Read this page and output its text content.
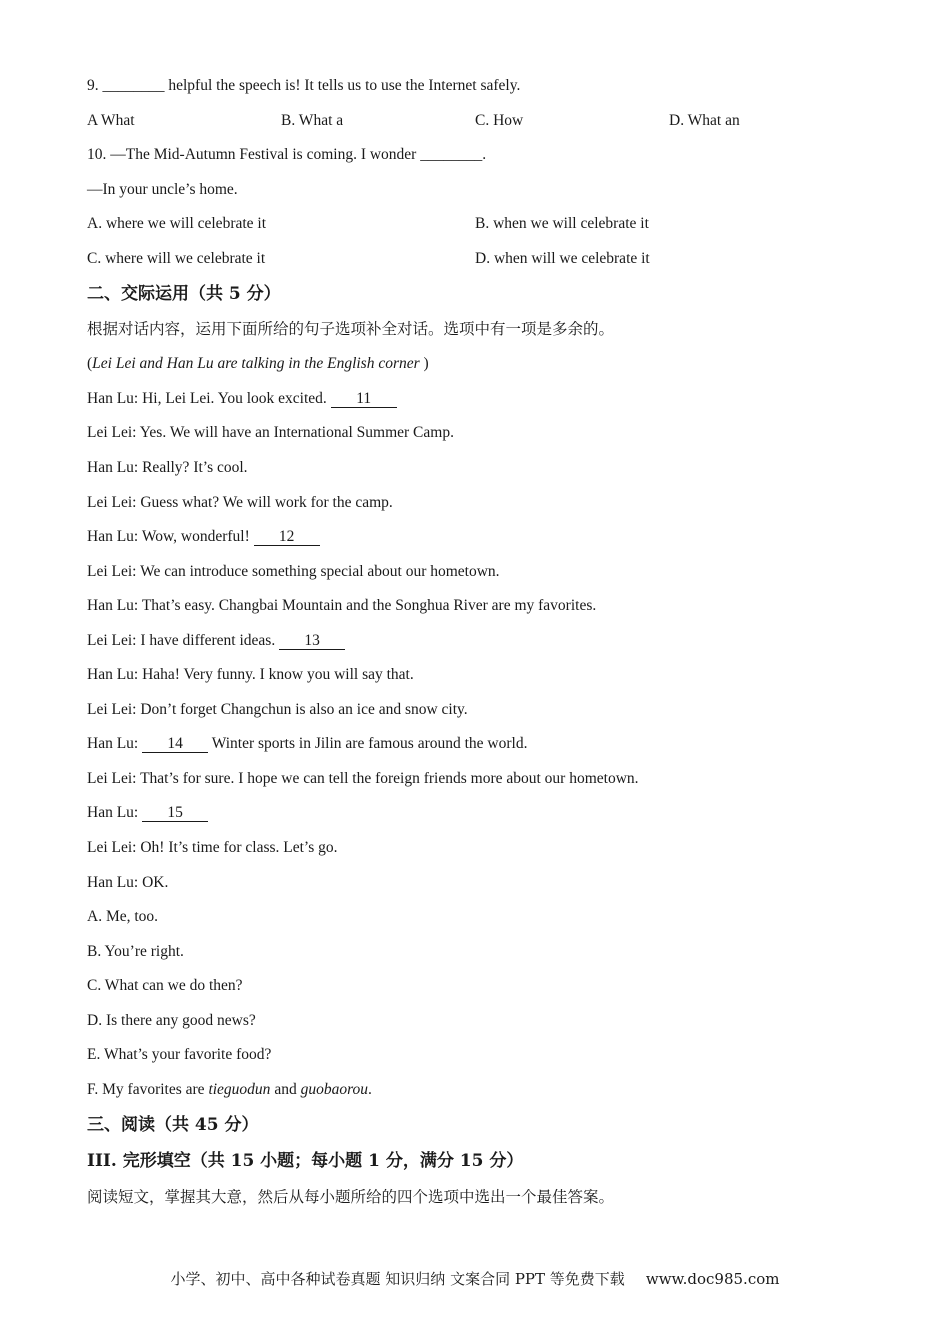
9. ________ helpful the speech is! It tells us to use the Internet safely.
A What	B. What a	C. How	D. What an
10. —The Mid-Autumn Festival is coming. I wonder ________.
—In your uncle’s home.
A. where we will celebrate it	B. when we will celebrate it
C. where will we celebrate it	D. when will we celebrate it
二、交际运用（共 5 分）
根据对话内容，运用下面所给的句子选项补全对话。选项中有一项是多余的。
(Lei Lei and Han Lu are talking in the English corner )
Han Lu: Hi, Lei Lei. You look excited. 11
Lei Lei: Yes. We will have an International Summer Camp.
Han Lu: Really? It’s cool.
Lei Lei: Guess what? We will work for the camp.
Han Lu: Wow, wonderful! 12
Lei Lei: We can introduce something special about our hometown.
Han Lu: That’s easy. Changbai Mountain and the Songhua River are my favorites.
Lei Lei: I have different ideas. 13
Han Lu: Haha! Very funny. I know you will say that.
Lei Lei: Don’t forget Changchun is also an ice and snow city.
Han Lu: 14 Winter sports in Jilin are famous around the world.
Lei Lei: That’s for sure. I hope we can tell the foreign friends more about our hometown.
Han Lu: 15
Lei Lei: Oh! It’s time for class. Let’s go.
Han Lu: OK.
A. Me, too.
B. You’re right.
C. What can we do then?
D. Is there any good news?
E. What’s your favorite food?
F. My favorites are tieguodun and guobaorou.
三、阅读（共 45 分）
III. 完形填空（共 15 小题；每小题 1 分，满分 15 分）
阅读短文，掌握其大意，然后从每小题所给的四个选项中选出一个最佳答案。
小学、初中、高中各种试卷真题 知识归纳 文案合同 PPT 等免费下载 www.doc985.com
